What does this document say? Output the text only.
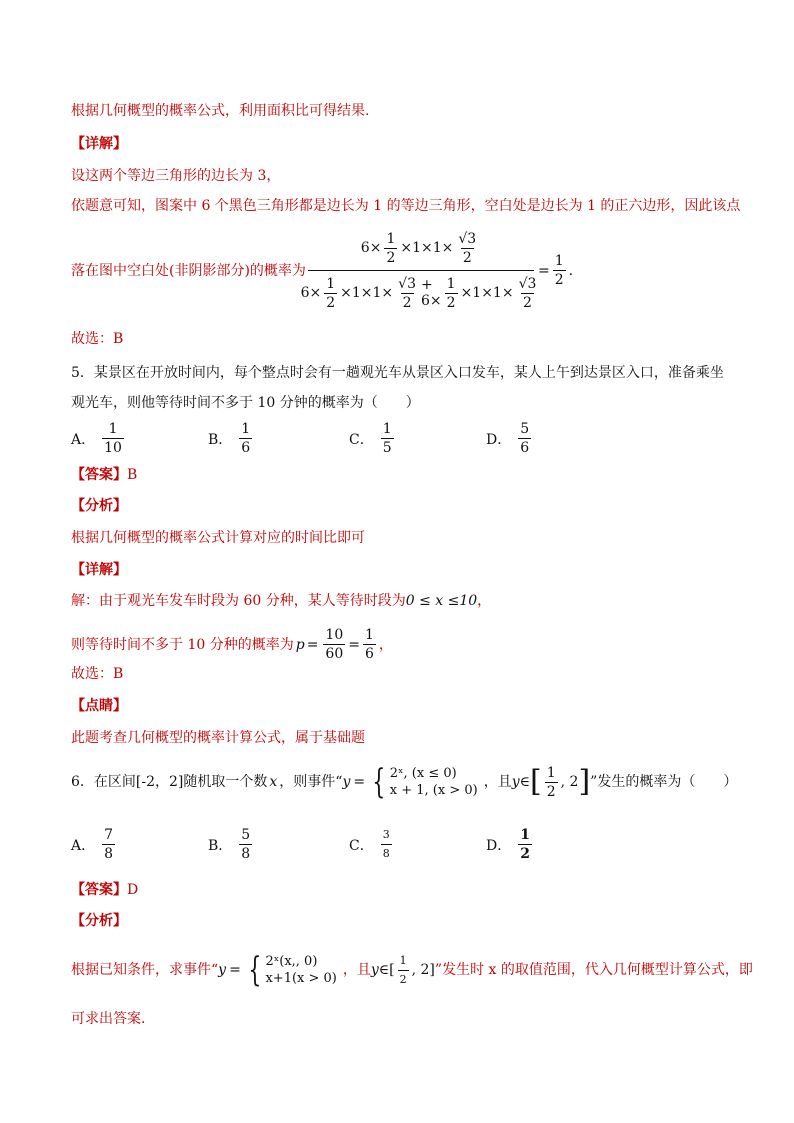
根据几何概型的概率公式，利用面积比可得结果.
【详解】
设这两个等边三角形的边长为 3，
依题意可知，图案中 6 个黑色三角形都是边长为 1 的等边三角形，空白处是边长为 1 的正六边形，因此该点
落在图中空白处(非阴影部分)的概率为
$6\times \frac{1}{2} \times 1\times 1\times \frac{√3}{2}$
$6\times \frac{1}{2} \times 1\times 1\times \frac{√3}{2} + 6\times \frac{1}{2} \times 1\times 1\times \frac{√3}{2}$
= $\frac{1}{2}$ .
故选：B
5．某景区在开放时间内，每个整点时会有一趟观光车从景区入口发车，某人上午到达景区入口，准备乘坐
观光车，则他等待时间不多于 10 分钟的概率为（　　）
A． $\frac{1}{10}$	B． $\frac{1}{6}$	C． $\frac{1}{5}$	D． $\frac{5}{6}$
【答案】B
【分析】
根据几何概型的概率公式计算对应的时间比即可
【详解】
解：由于观光车发车时段为 60 分种，某人等待时段为0 ≤ x ≤10，
则等待时间不多于 10 分种的概率为 $p = \frac{10}{60} = \frac{1}{6}$ ，
故选：B
【点睛】
此题考查几何概型的概率计算公式，属于基础题
6．在区间[-2，2]随机取一个数 x ，则事件“ y = { 2ˣ, (x ≤ 0)
x + 1, (x > 0)
，且 y ∈ [ $\frac{1}{2}$ , 2 ] ”发生的概率为（　　）
A． $\frac{7}{8}$	B． $\frac{5}{8}$	C． $\frac{3}{8}$	D． $\frac{1}{2}$
【答案】D
【分析】
根据已知条件，求事件“ y = { 2ˣ(x,, 0)
x+1(x > 0)
，且 y ∈[ $\frac{1}{2}$ , 2] ”发生时 x 的取值范围，代入几何概型计算公式，即
可求出答案.
